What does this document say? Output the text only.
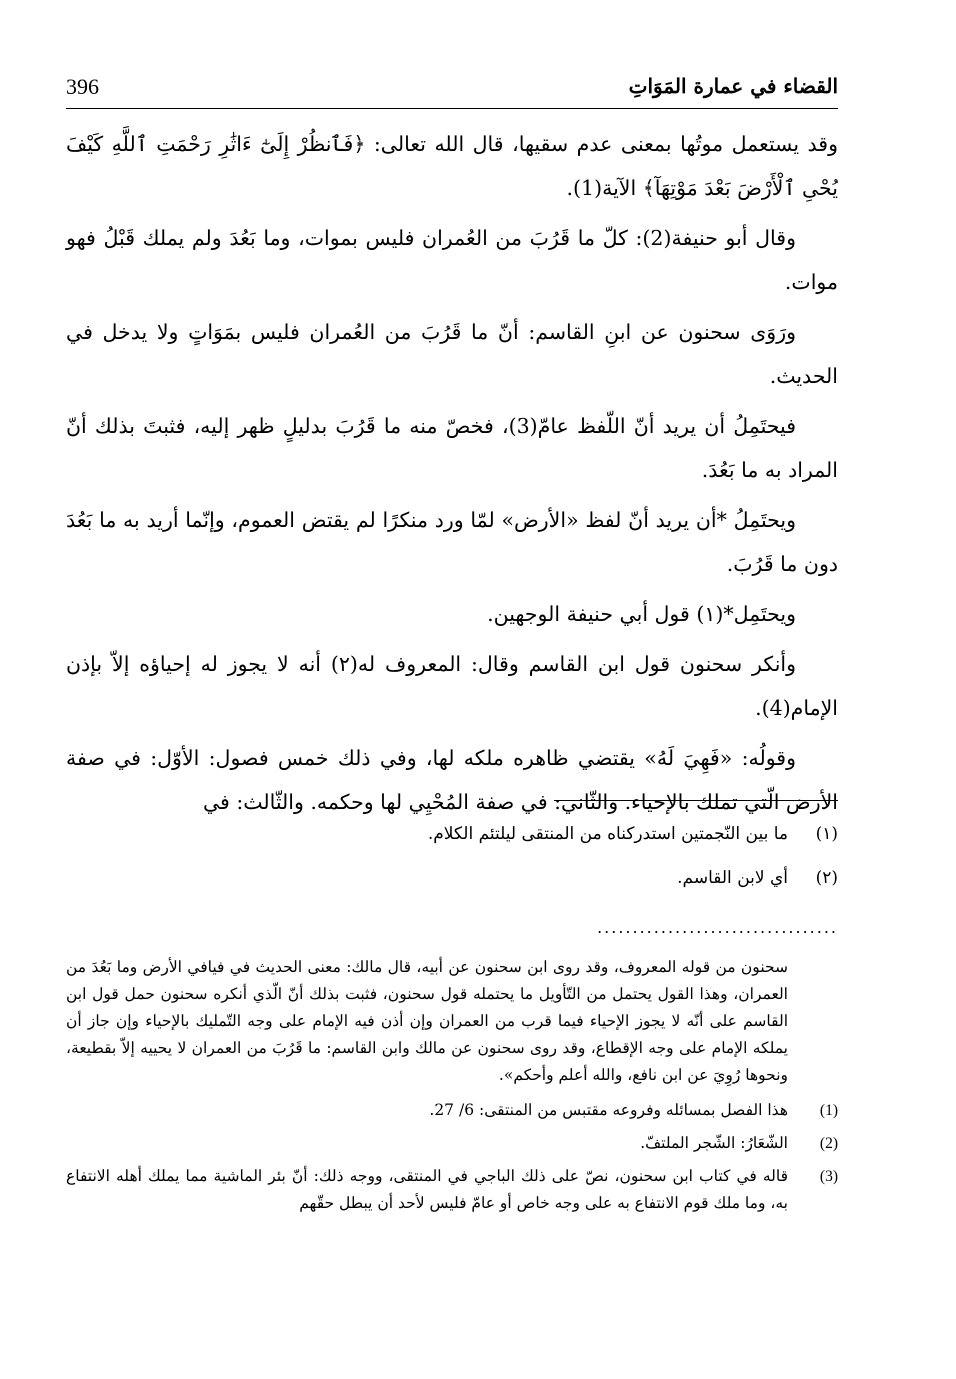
396	القضاء في عمارة المَوَاتِ

وقد يستعمل موتُها بمعنى عدم سقيها، قال الله تعالى: ﴿فَٱنظُرْ إِلَىٰٓ ءَاثَٰرِ رَحْمَتِ ٱللَّهِ كَيْفَ يُحْىِ ٱلْأَرْضَ بَعْدَ مَوْتِهَآ﴾ الآية(1).

وقال أبو حنيفة(2): كلّ ما قَرُبَ من العُمران فليس بموات، وما بَعُدَ ولم يملك قَبْلُ فهو موات.

ورَوَى سحنون عن ابنِ القاسم: أنّ ما قَرُبَ من العُمران فليس بمَوَاتٍ ولا يدخل في الحديث.

فيحتَمِلُ أن يريد أنّ اللّفظ عامّ(3)، فخصّ منه ما قَرُبَ بدليلٍ ظهر إليه، فثبتَ بذلك أنّ المراد به ما بَعُدَ.

ويحتَمِلُ *أن يريد أنّ لفظ «الأرض» لمّا ورد منكرًا لم يقتض العموم، وإنّما أريد به ما بَعُدَ دون ما قَرُبَ.

ويحتَمِل*(١) قول أبي حنيفة الوجهين.

وأنكر سحنون قول ابن القاسم وقال: المعروف له(٢) أنه لا يجوز له إحياؤه إلاّ بإذن الإمام(4).

وقولُه: «فَهِيَ لَهُ» يقتضي ظاهره ملكه لها، وفي ذلك خمس فصول: الأوّل: في صفة الأرض الّتي تملك بالإحياء. والثّاني: في صفة المُحْيِي لها وحكمه. والثّالث: في

(١)
ما بين النّجمتين استدركناه من المنتقى ليلتئم الكلام.
(٢)
أي لابن القاسم.
..................................
سحنون من قوله المعروف، وقد روى ابن سحنون عن أبيه، قال مالك: معنى الحديث في فيافي الأرض وما بَعُدَ من العمران، وهذا القول يحتمل من التّأويل ما يحتمله قول سحنون، فثبت بذلك أنّ الّذي أنكره سحنون حمل قول ابن القاسم على أنّه لا يجوز الإحياء فيما قرب من العمران وإن أذن فيه الإمام على وجه التّمليك بالإحياء وإن جاز أن يملكه الإمام على وجه الإقطاع، وقد روى سحنون عن مالك وابن القاسم: ما قَرُبَ من العمران لا يحييه إلاّ بقطيعة، ونحوها رُوِيَ عن ابن نافع، والله أعلم وأحكم».
(1)
هذا الفصل بمسائله وفروعه مقتبس من المنتقى: 6/ 27.
(2)
الشّعَارُ: الشّجر الملتفّ.
(3)
قاله في كتاب ابن سحنون، نصّ على ذلك الباجي في المنتقى، ووجه ذلك: أنّ بئر الماشية مما يملك أهله الانتفاع به، وما ملك قوم الانتفاع به على وجه خاص أو عامّ فليس لأحد أن يبطل حقّهم
